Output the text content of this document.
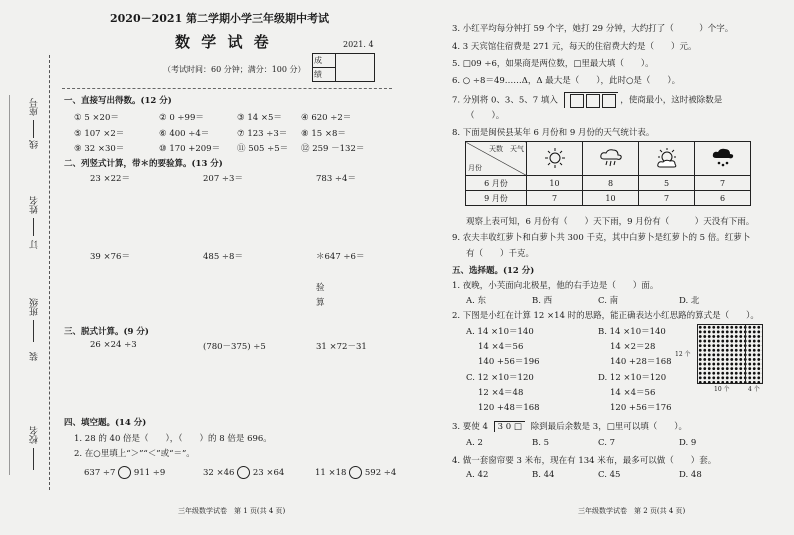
座号
线
姓名
订
班级
装
校名
2020－2021 第二学期小学三年级期中考试
数 学 试 卷	2021. 4
（考试时间：60 分钟；满分：100 分）
成	
绩
一、直接写出得数。(12 分)
① 5 ×20＝	② 0 ÷99＝	③ 14 ×5＝ ④ 620 ÷2＝
⑤ 107 ×2＝	⑥ 400 ÷4＝	⑦ 123 ÷3＝ ⑧ 15 ×8＝
⑨ 32 ×30＝	⑩ 170 +209＝ ⑪ 505 ÷5＝ ⑫ 259 －132＝
二、列竖式计算，带＊的要验算。(13 分)
23 ×22＝	207 ÷3＝	783 ÷4＝
39 ×76＝	485 ÷8＝	＊647 ÷6＝
验
算
三、脱式计算。(9 分)
26 ×24 ÷3	(780－375) ÷5	31 ×72－31
四、填空题。(14 分)
1. 28 的 40 倍是（　　），（　　）的 8 倍是 696。
2. 在○里填上“＞”“＜”或“＝”。
637 ÷7 911 ÷9	32 ×46 23 ×64	11 ×18 592 ÷4
三年级数学试卷　第 1 页(共 4 页)
3. 小红平均每分钟打 59 个字，她打 29 分钟，大约打了（　　　）个字。
4. 3 天宾馆住宿费是 271 元，每天的住宿费大约是（　　）元。
5. □09 ÷6，如果商是两位数，□里最大填（　　）。
6. ○ ÷8＝49……Δ，Δ 最大是（　　），此时○是（　　）。
7. 分别将 0、3、5、7 填入	，使商最小，这时被除数是
（　　）。
8. 下面是闽侯县某年 6 月份和 9 月份的天气统计表。
天数　天气
月份

6 月份	10	8	5	7
9 月份	7	10	7	6
观察上表可知，6 月份有（　　）天下雨，9 月份有（　　　）天没有下雨。
9. 农夫丰收红萝卜和白萝卜共 300 千克，其中白萝卜是红萝卜的 5 倍。红萝卜
有（　　）千克。
五、选择题。(12 分)
1. 夜晚，小芙面向北极星，他的右手边是（　　）面。
A. 东	B. 西	C. 南	D. 北
2. 下图是小红在计算 12 ×14 时的思路，能正确表达小红思路的算式是（　　）。
A. 14 ×10＝140
14 ×4＝56
140 +56＝196
B. 14 ×10＝140
14 ×2＝28
140 +28＝168
C. 12 ×10＝120
12 ×4＝48
120 +48＝168
D. 12 ×10＝120
14 ×4＝56
120 +56＝176
12 个
10 个	4 个
3. 要使 4 3 0 □ 除到最后余数是 3，□里可以填（　　）。
A. 2	B. 5	C. 7	D. 9
4. 做一套窗帘要 3 米布，现在有 134 米布，最多可以做（　　）套。
A. 42	B. 44	C. 45	D. 48
三年级数学试卷　第 2 页(共 4 页)
